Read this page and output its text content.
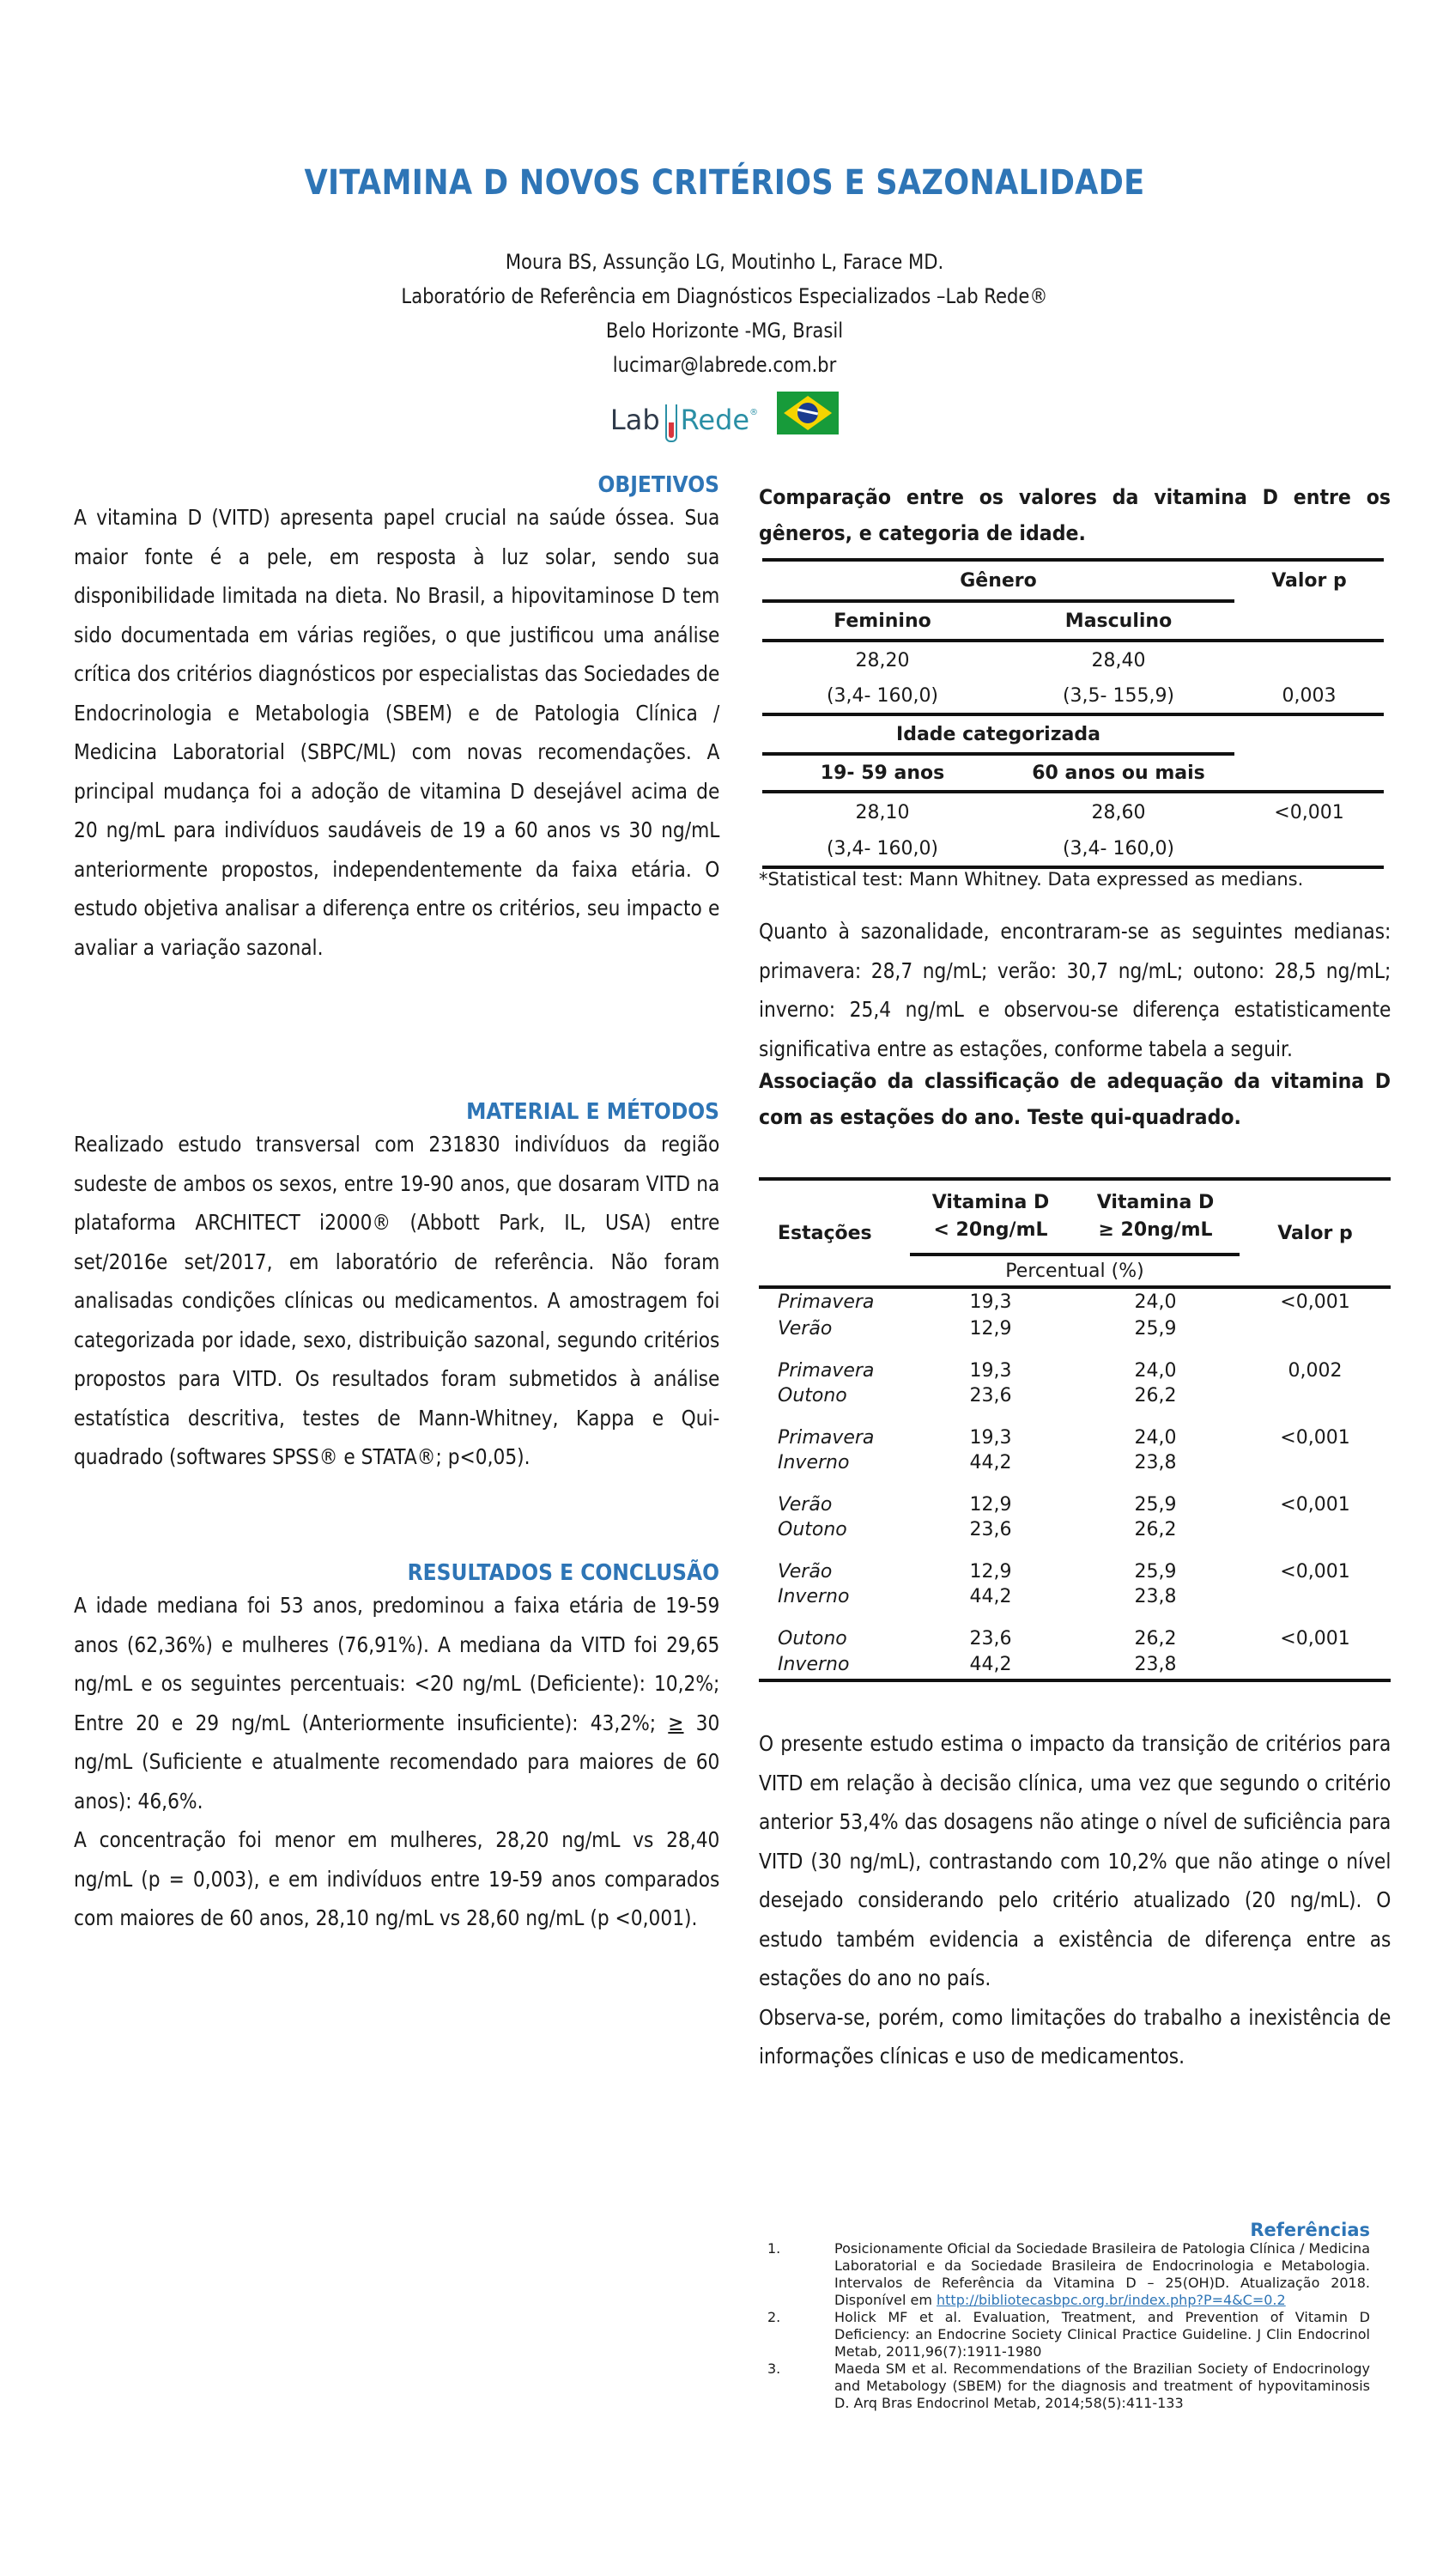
VITAMINA D NOVOS CRITÉRIOS E SAZONALIDADE
Moura BS, Assunção LG, Moutinho L, Farace MD.
Laboratório de Referência em Diagnósticos Especializados –Lab Rede®
Belo Horizonte -MG, Brasil
lucimar@labrede.com.br
Lab Rede ®
OBJETIVOS
A vitamina D (VITD) apresenta papel crucial na saúde óssea. Sua maior fonte é a pele, em resposta à luz solar, sendo sua disponibilidade limitada na dieta. No Brasil, a hipovitaminose D tem sido documentada em várias regiões, o que justificou uma análise crítica dos critérios diagnósticos por especialistas das Sociedades de Endocrinologia e Metabologia (SBEM) e de Patologia Clínica / Medicina Laboratorial (SBPC/ML) com novas recomendações. A principal mudança foi a adoção de vitamina D desejável acima de 20 ng/mL para indivíduos saudáveis de 19 a 60 anos vs 30 ng/mL anteriormente propostos, independentemente da faixa etária. O estudo objetiva analisar a diferença entre os critérios, seu impacto e avaliar a variação sazonal.
MATERIAL E MÉTODOS
Realizado estudo transversal com 231830 indivíduos da região sudeste de ambos os sexos, entre 19-90 anos, que dosaram VITD na plataforma ARCHITECT i2000® (Abbott Park, IL, USA) entre set/2016e set/2017, em laboratório de referência. Não foram analisadas condições clínicas ou medicamentos. A amostragem foi categorizada por idade, sexo, distribuição sazonal, segundo critérios propostos para VITD. Os resultados foram submetidos à análise estatística descritiva, testes de Mann-Whitney, Kappa e Qui-quadrado (softwares SPSS® e STATA®; p<0,05).
RESULTADOS E CONCLUSÃO
A idade mediana foi 53 anos, predominou a faixa etária de 19-59 anos (62,36%) e mulheres (76,91%). A mediana da VITD foi 29,65 ng/mL e os seguintes percentuais: <20 ng/mL (Deficiente): 10,2%; Entre 20 e 29 ng/mL (Anteriormente insuficiente): 43,2%; ≥ 30 ng/mL (Suficiente e atualmente recomendado para maiores de 60 anos): 46,6%.
A concentração foi menor em mulheres, 28,20 ng/mL vs 28,40 ng/mL (p = 0,003), e em indivíduos entre 19-59 anos comparados com maiores de 60 anos, 28,10 ng/mL vs 28,60 ng/mL (p <0,001).
Comparação entre os valores da vitamina D entre os gêneros, e categoria de idade.
Gênero		Valor p
Feminino	Masculino	
28,20	28,40	
(3,4- 160,0)	(3,5- 155,9)	0,003
Idade categorizada		
19- 59 anos	60 anos ou mais	
28,10	28,60	<0,001
(3,4- 160,0)	(3,4- 160,0)	
*Statistical test: Mann Whitney. Data expressed as medians.
Quanto à sazonalidade, encontraram-se as seguintes medianas: primavera: 28,7 ng/mL; verão: 30,7 ng/mL; outono: 28,5 ng/mL; inverno: 25,4 ng/mL e observou-se diferença estatisticamente significativa entre as estações, conforme tabela a seguir.
Associação da classificação de adequação da vitamina D com as estações do ano. Teste qui-quadrado.
Estações	
Vitamina D
< 20ng/mL

Vitamina D
≥ 20ng/mL	Valor p
	Percentual (%)		
Primavera	19,3	24,0	<0,001
Verão	12,9	25,9	
Primavera	19,3	24,0	0,002
Outono	23,6	26,2	
Primavera	19,3	24,0	<0,001
Inverno	44,2	23,8	
Verão	12,9	25,9	<0,001
Outono	23,6	26,2	
Verão	12,9	25,9	<0,001
Inverno	44,2	23,8	
Outono	23,6	26,2	<0,001
Inverno	44,2	23,8	
O presente estudo estima o impacto da transição de critérios para VITD em relação à decisão clínica, uma vez que segundo o critério anterior 53,4% das dosagens não atinge o nível de suficiência para VITD (30 ng/mL), contrastando com 10,2% que não atinge o nível desejado considerando pelo critério atualizado (20 ng/mL). O estudo também evidencia a existência de diferença entre as estações do ano no país.
Observa-se, porém, como limitações do trabalho a inexistência de informações clínicas e uso de medicamentos.
Referências
1.	Posicionamente Oficial da Sociedade Brasileira de Patologia Clínica / Medicina Laboratorial e da Sociedade Brasileira de Endocrinologia e Metabologia. Intervalos de Referência da Vitamina D – 25(OH)D. Atualização 2018. Disponível em http://bibliotecasbpc.org.br/index.php?P=4&C=0.2
2.	Holick MF et al. Evaluation, Treatment, and Prevention of Vitamin D Deficiency: an Endocrine Society Clinical Practice Guideline. J Clin Endocrinol Metab, 2011,96(7):1911-1980
3.	Maeda SM et al. Recommendations of the Brazilian Society of Endocrinology and Metabology (SBEM) for the diagnosis and treatment of hypovitaminosis D. Arq Bras Endocrinol Metab, 2014;58(5):411-133
